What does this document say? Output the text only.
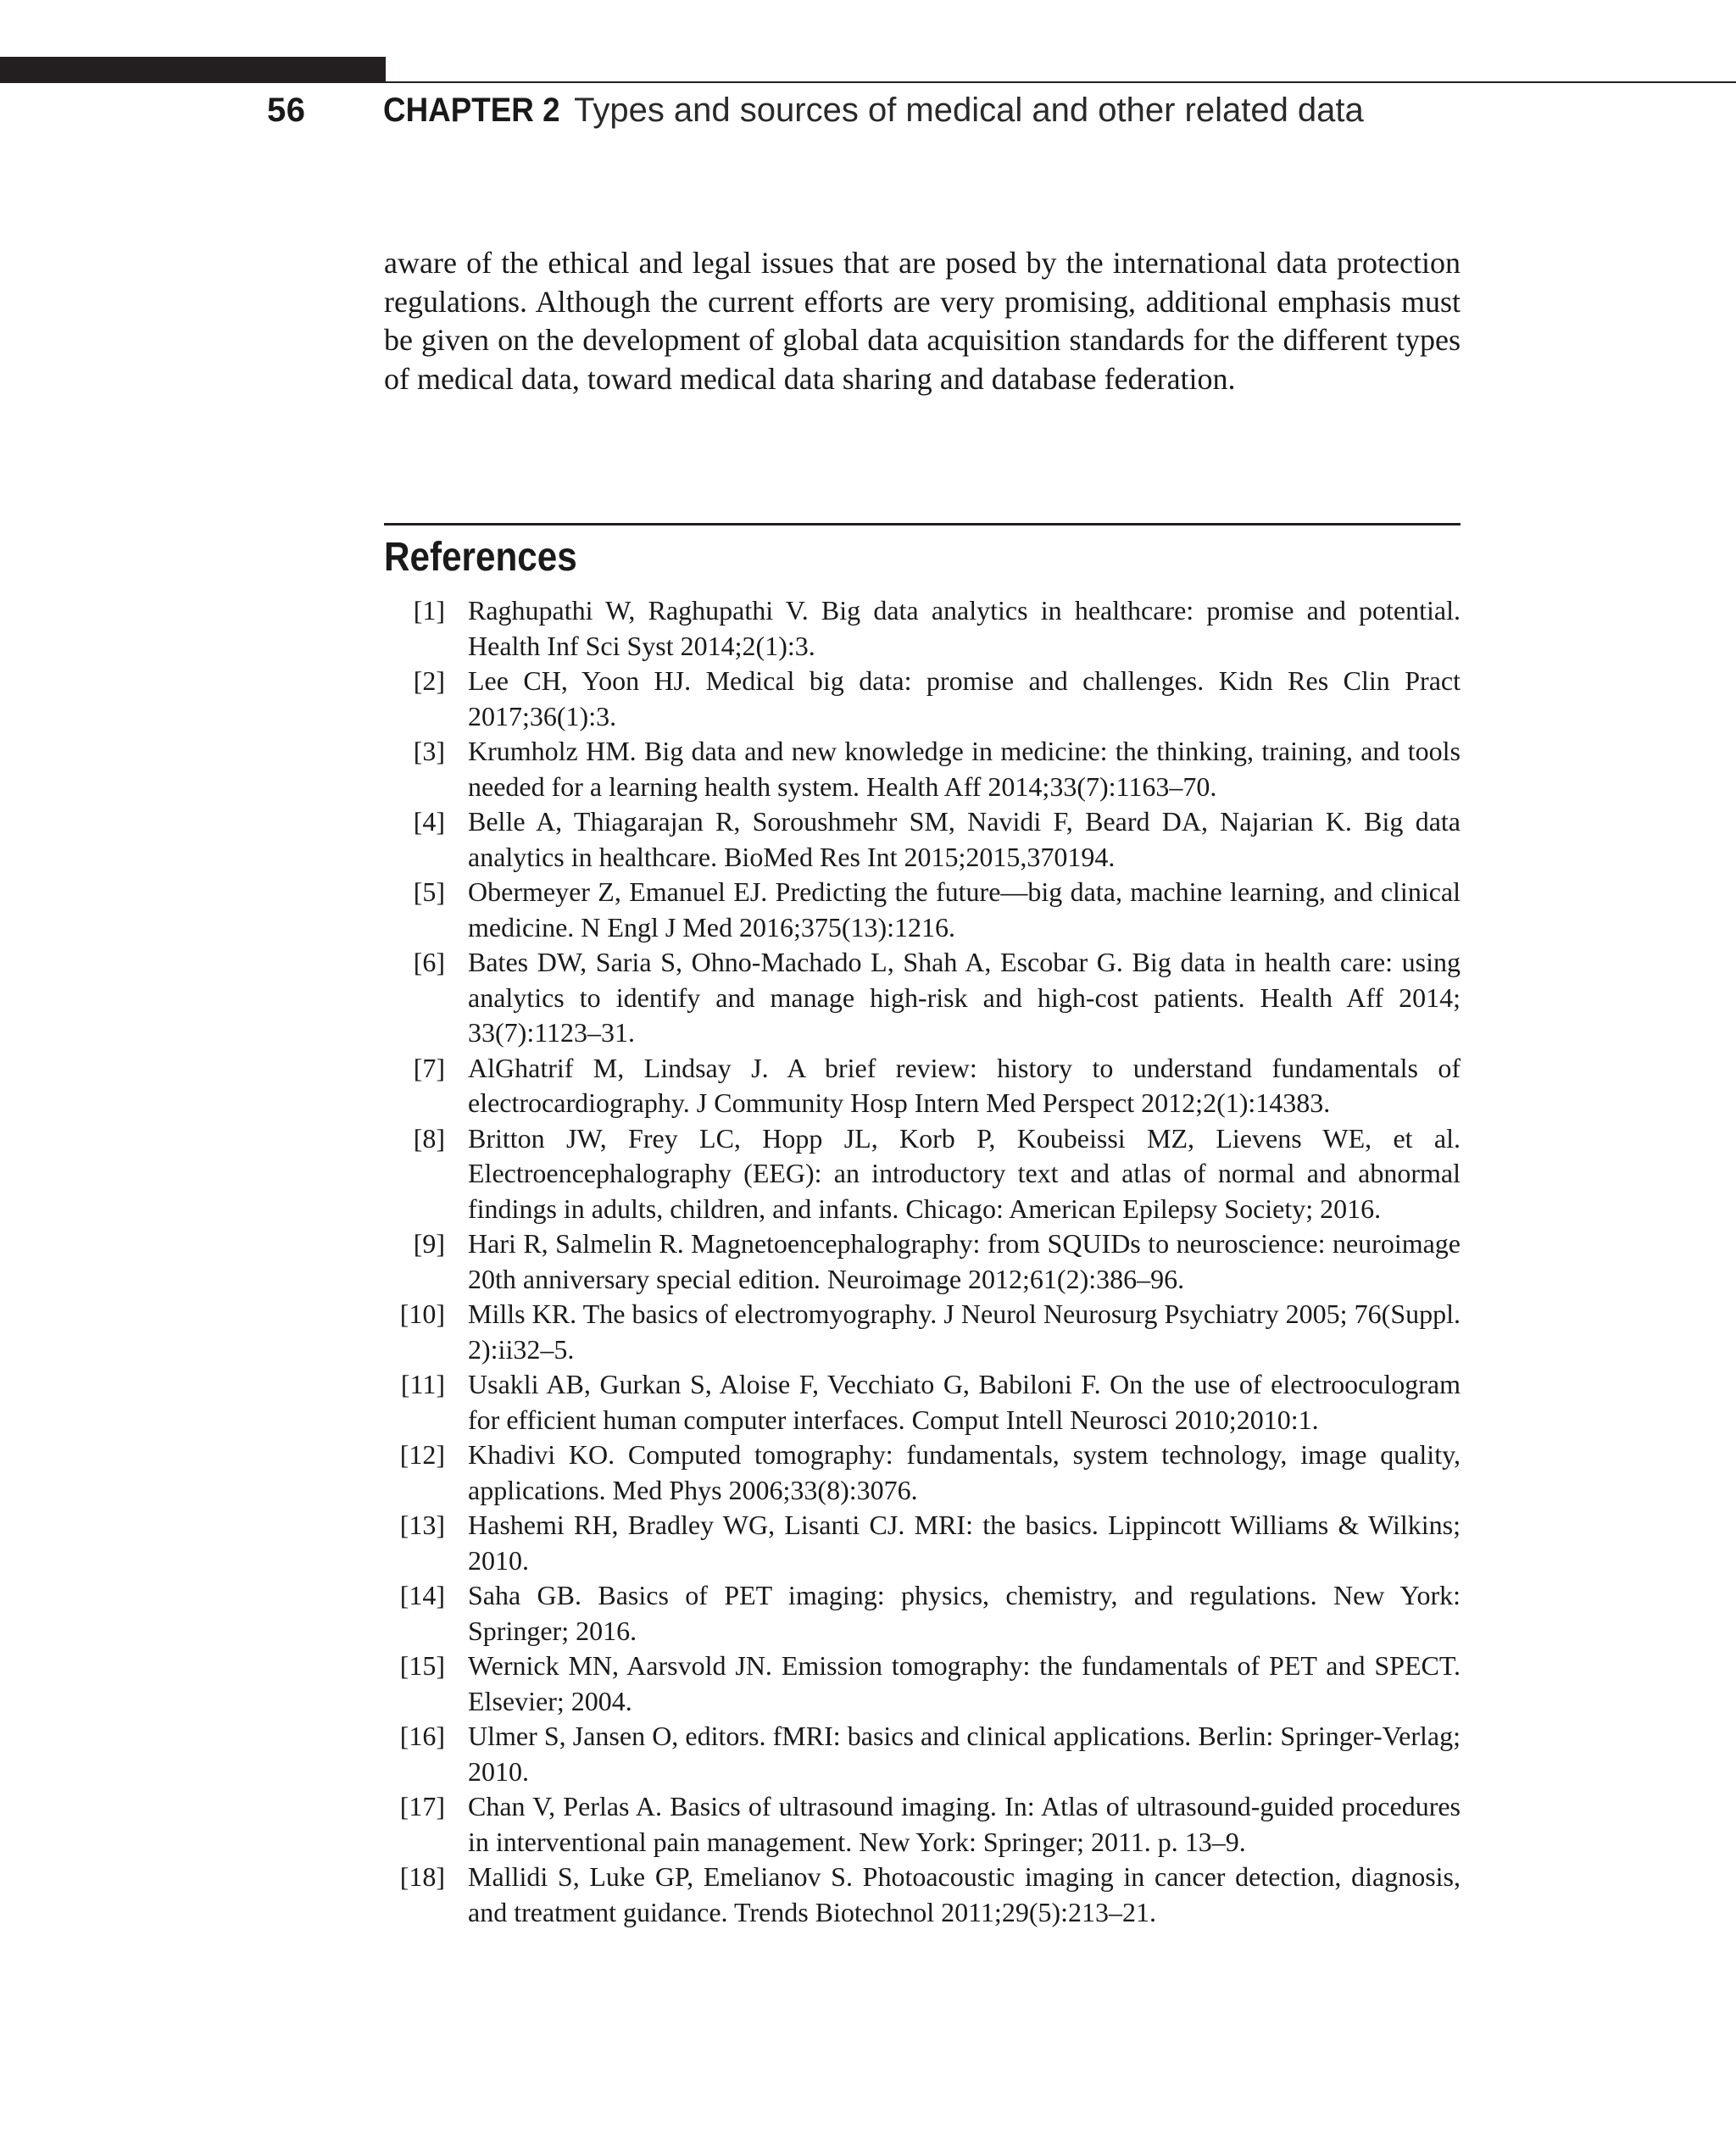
56 CHAPTER 2 Types and sources of medical and other related data

aware of the ethical and legal issues that are posed by the international data protection regulations. Although the current efforts are very promising, additional emphasis must be given on the development of global data acquisition standards for the different types of medical data, toward medical data sharing and database federation.

References
[1] Raghupathi W, Raghupathi V. Big data analytics in healthcare: promise and potential. Health Inf Sci Syst 2014;2(1):3.
[2] Lee CH, Yoon HJ. Medical big data: promise and challenges. Kidn Res Clin Pract 2017;36(1):3.
[3] Krumholz HM. Big data and new knowledge in medicine: the thinking, training, and tools needed for a learning health system. Health Aff 2014;33(7):1163‒70.
[4] Belle A, Thiagarajan R, Soroushmehr SM, Navidi F, Beard DA, Najarian K. Big data analytics in healthcare. BioMed Res Int 2015;2015,370194.
[5] Obermeyer Z, Emanuel EJ. Predicting the future—big data, machine learning, and clinical medicine. N Engl J Med 2016;375(13):1216.
[6] Bates DW, Saria S, Ohno-Machado L, Shah A, Escobar G. Big data in health care: using analytics to identify and manage high-risk and high-cost patients. Health Aff 2014; 33(7):1123‒31.
[7] AlGhatrif M, Lindsay J. A brief review: history to understand fundamentals of electrocardiography. J Community Hosp Intern Med Perspect 2012;2(1):14383.
[8] Britton JW, Frey LC, Hopp JL, Korb P, Koubeissi MZ, Lievens WE, et al. Electroencephalography (EEG): an introductory text and atlas of normal and abnormal findings in adults, children, and infants. Chicago: American Epilepsy Society; 2016.
[9] Hari R, Salmelin R. Magnetoencephalography: from SQUIDs to neuroscience: neuroimage 20th anniversary special edition. Neuroimage 2012;61(2):386‒96.
[10] Mills KR. The basics of electromyography. J Neurol Neurosurg Psychiatry 2005; 76(Suppl. 2):ii32‒5.
[11] Usakli AB, Gurkan S, Aloise F, Vecchiato G, Babiloni F. On the use of electrooculogram for efficient human computer interfaces. Comput Intell Neurosci 2010;2010:1.
[12] Khadivi KO. Computed tomography: fundamentals, system technology, image quality, applications. Med Phys 2006;33(8):3076.
[13] Hashemi RH, Bradley WG, Lisanti CJ. MRI: the basics. Lippincott Williams & Wilkins; 2010.
[14] Saha GB. Basics of PET imaging: physics, chemistry, and regulations. New York: Springer; 2016.
[15] Wernick MN, Aarsvold JN. Emission tomography: the fundamentals of PET and SPECT. Elsevier; 2004.
[16] Ulmer S, Jansen O, editors. fMRI: basics and clinical applications. Berlin: Springer-Verlag; 2010.
[17] Chan V, Perlas A. Basics of ultrasound imaging. In: Atlas of ultrasound-guided procedures in interventional pain management. New York: Springer; 2011. p. 13‒9.
[18] Mallidi S, Luke GP, Emelianov S. Photoacoustic imaging in cancer detection, diagnosis, and treatment guidance. Trends Biotechnol 2011;29(5):213‒21.
